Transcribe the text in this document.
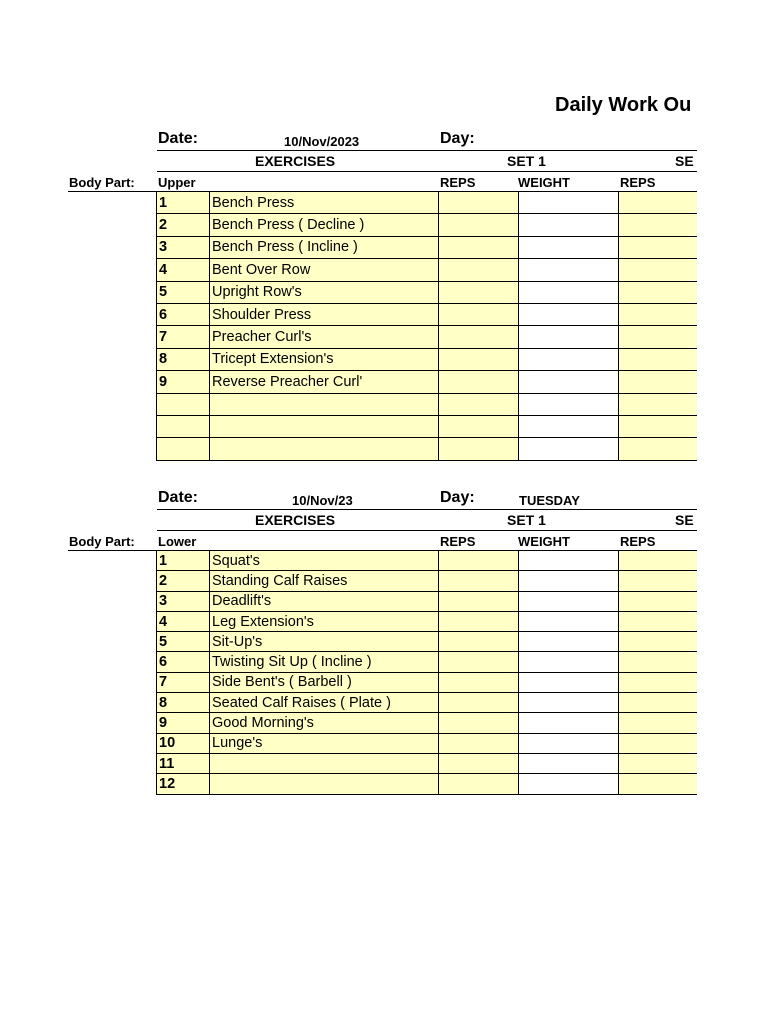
Daily Work Ou
Date:	10/Nov/2023	Day:
EXERCISES	SET 1	SE
Body Part: Upper	REPS	WEIGHT	REPS
1	Bench Press			
2	Bench Press ( Decline )			
3	Bench Press ( Incline )			
4	Bent Over Row			
5	Upright Row's			
6	Shoulder Press			
7	Preacher Curl's			
8	Tricept Extension's			
9	Reverse Preacher Curl'			

Date:	10/Nov/23	Day:	TUESDAY
EXERCISES	SET 1	SE
Body Part: Lower	REPS	WEIGHT	REPS
1	Squat's			
2	Standing Calf Raises			
3	Deadlift's			
4	Leg Extension's			
5	Sit-Up's			
6	Twisting Sit Up ( Incline )			
7	Side Bent's ( Barbell )			
8	Seated Calf Raises ( Plate )			
9	Good Morning's			
10	Lunge's			
11				
12				
